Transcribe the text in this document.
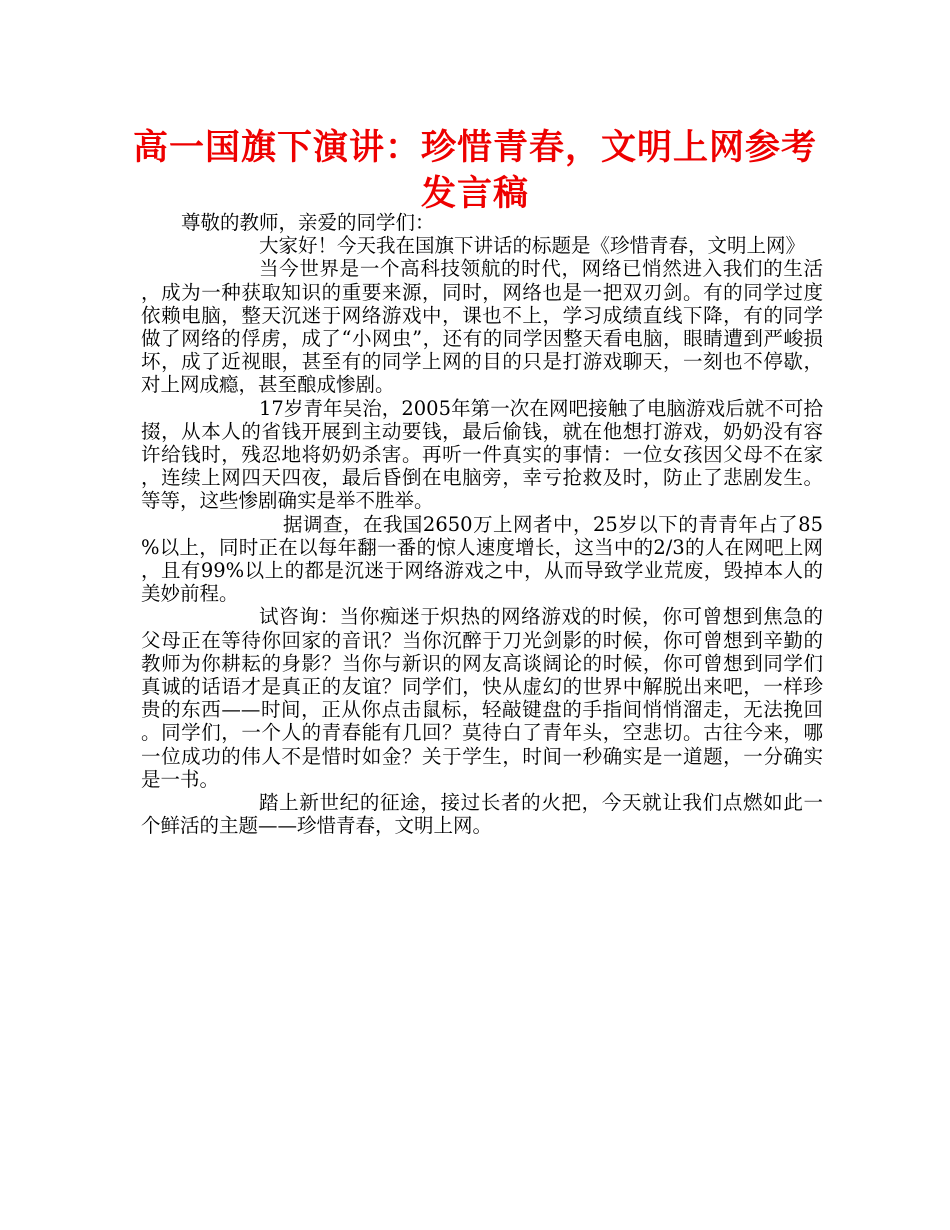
高一国旗下演讲：珍惜青春，文明上网参考发言稿

尊敬的教师，亲爱的同学们：

大家好！今天我在国旗下讲话的标题是《珍惜青春，文明上网》

当今世界是一个高科技领航的时代，网络已悄然进入我们的生活，成为一种获取知识的重要来源，同时，网络也是一把双刃剑。有的同学过度依赖电脑，整天沉迷于网络游戏中，课也不上，学习成绩直线下降，有的同学做了网络的俘虏，成了“小网虫”，还有的同学因整天看电脑，眼睛遭到严峻损坏，成了近视眼，甚至有的同学上网的目的只是打游戏聊天，一刻也不停歇，对上网成瘾，甚至酿成惨剧。

17岁青年吴治，2005年第一次在网吧接触了电脑游戏后就不可拾掇，从本人的省钱开展到主动要钱，最后偷钱，就在他想打游戏，奶奶没有容许给钱时，残忍地将奶奶杀害。再听一件真实的事情：一位女孩因父母不在家，连续上网四天四夜，最后昏倒在电脑旁，幸亏抢救及时，防止了悲剧发生。等等，这些惨剧确实是举不胜举。

据调查，在我国2650万上网者中，25岁以下的青青年占了85%以上，同时正在以每年翻一番的惊人速度增长，这当中的2/3的人在网吧上网，且有99%以上的都是沉迷于网络游戏之中，从而导致学业荒废，毁掉本人的美妙前程。

试咨询：当你痴迷于炽热的网络游戏的时候，你可曾想到焦急的父母正在等待你回家的音讯？当你沉醉于刀光剑影的时候，你可曾想到辛勤的教师为你耕耘的身影？当你与新识的网友高谈阔论的时候，你可曾想到同学们真诚的话语才是真正的友谊？同学们，快从虚幻的世界中解脱出来吧，一样珍贵的东西——时间，正从你点击鼠标，轻敲键盘的手指间悄悄溜走，无法挽回。同学们，一个人的青春能有几回？莫待白了青年头，空悲切。古往今来，哪一位成功的伟人不是惜时如金？关于学生，时间一秒确实是一道题，一分确实是一书。

踏上新世纪的征途，接过长者的火把，今天就让我们点燃如此一个鲜活的主题——珍惜青春，文明上网。
